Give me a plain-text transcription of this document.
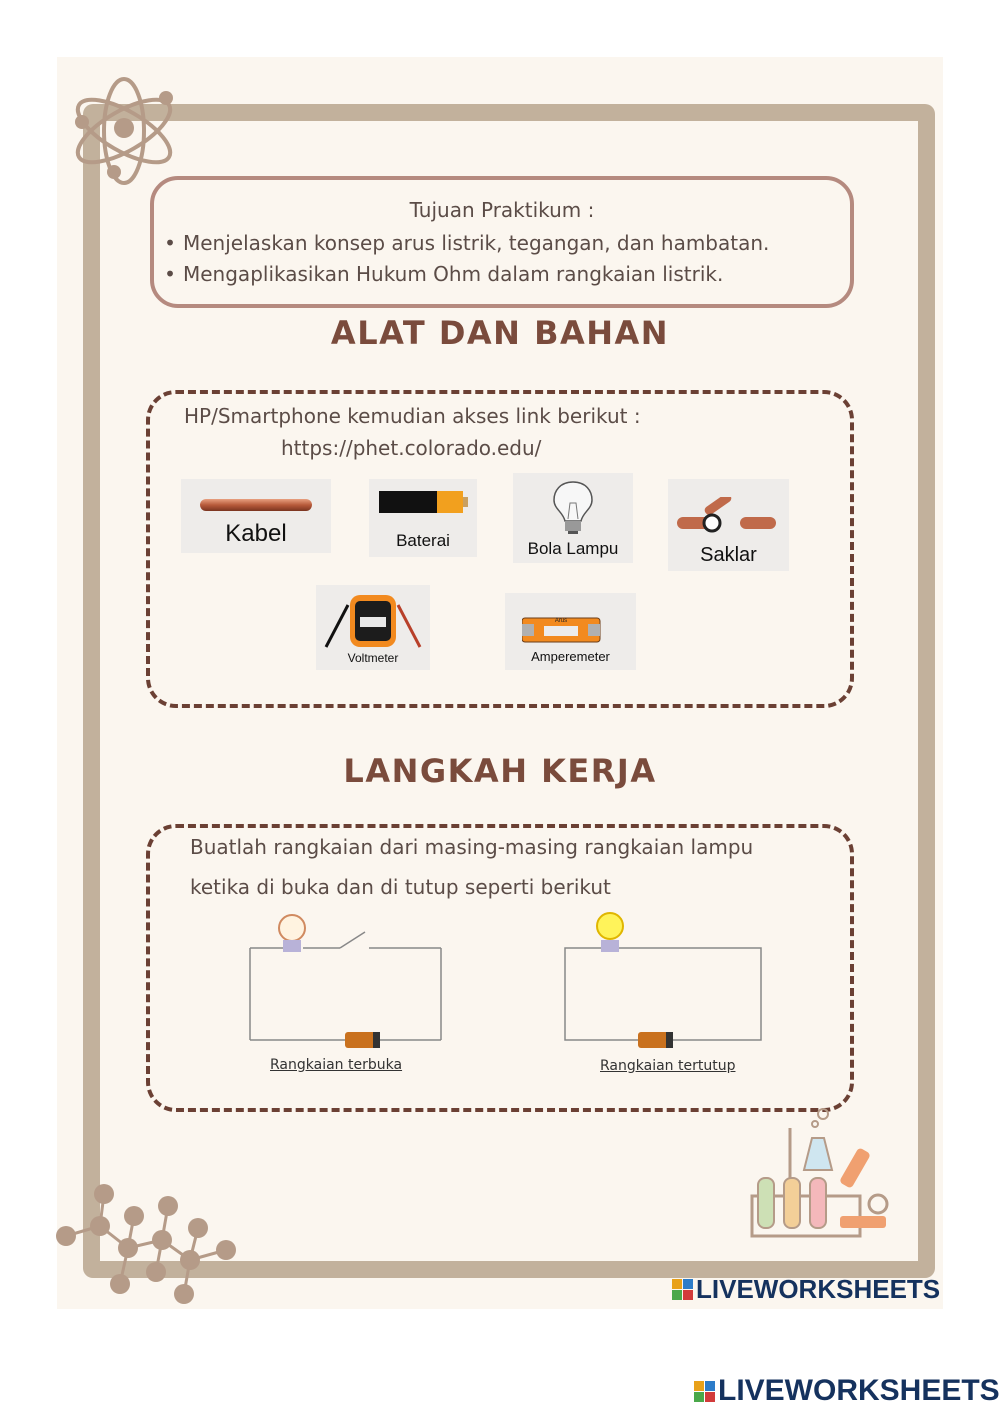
Tujuan Praktikum :
• Menjelaskan konsep arus listrik, tegangan, dan hambatan.
• Mengaplikasikan Hukum Ohm dalam rangkaian listrik.
ALAT DAN BAHAN
HP/Smartphone kemudian akses link berikut :
https://phet.colorado.edu/
Kabel	Baterai	Bola Lampu	Saklar
Voltmeter
Arus
Amperemeter
LANGKAH KERJA
Buatlah rangkaian dari masing-masing rangkaian lampu
ketika di buka dan di tutup seperti berikut
Rangkaian terbuka	Rangkaian tertutup
LIVEWORKSHEETS
LIVEWORKSHEETS
